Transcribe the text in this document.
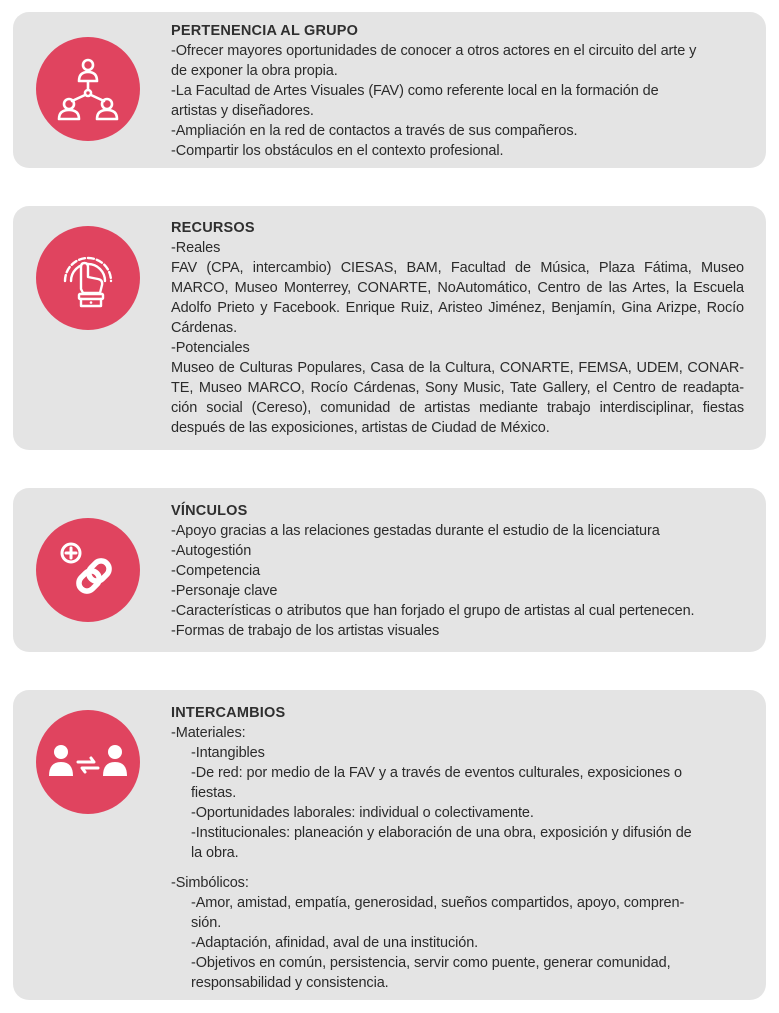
PERTENENCIA AL GRUPO
-Ofrecer mayores oportunidades de conocer a otros actores en el circuito del arte y
de exponer la obra propia.
-La Facultad de Artes Visuales (FAV) como referente local en la formación de
artistas y diseñadores.
-Ampliación en la red de contactos a través de sus compañeros.
-Compartir los obstáculos en el contexto profesional.
RECURSOS
-Reales
FAV (CPA, intercambio) CIESAS, BAM, Facultad de Música, Plaza Fátima, Museo MARCO, Museo Monterrey, CONARTE, NoAutomático, Centro de las Artes, la Escuela Adolfo Prieto y Facebook. Enrique Ruiz, Aristeo Jiménez, Benjamín, Gina Arizpe, Rocío Cárdenas.
-Potenciales
Museo de Culturas Populares, Casa de la Cultura, CONARTE, FEMSA, UDEM, CONAR- TE, Museo MARCO, Rocío Cárdenas, Sony Music, Tate Gallery, el Centro de readapta- ción social (Cereso), comunidad de artistas mediante trabajo interdisciplinar, fiestas después de las exposiciones, artistas de Ciudad de México.
VÍNCULOS
-Apoyo gracias a las relaciones gestadas durante el estudio de la licenciatura
-Autogestión
-Competencia
-Personaje clave
-Características o atributos que han forjado el grupo de artistas al cual pertenecen.
-Formas de trabajo de los artistas visuales
INTERCAMBIOS
-Materiales:
-Intangibles
-De red: por medio de la FAV y a través de eventos culturales, exposiciones o
fiestas.
-Oportunidades laborales: individual o colectivamente.
-Institucionales: planeación y elaboración de una obra, exposición y difusión de
la obra.
-Simbólicos:
-Amor, amistad, empatía, generosidad, sueños compartidos, apoyo, compren-
sión.
-Adaptación, afinidad, aval de una institución.
-Objetivos en común, persistencia, servir como puente, generar comunidad,
responsabilidad y consistencia.
